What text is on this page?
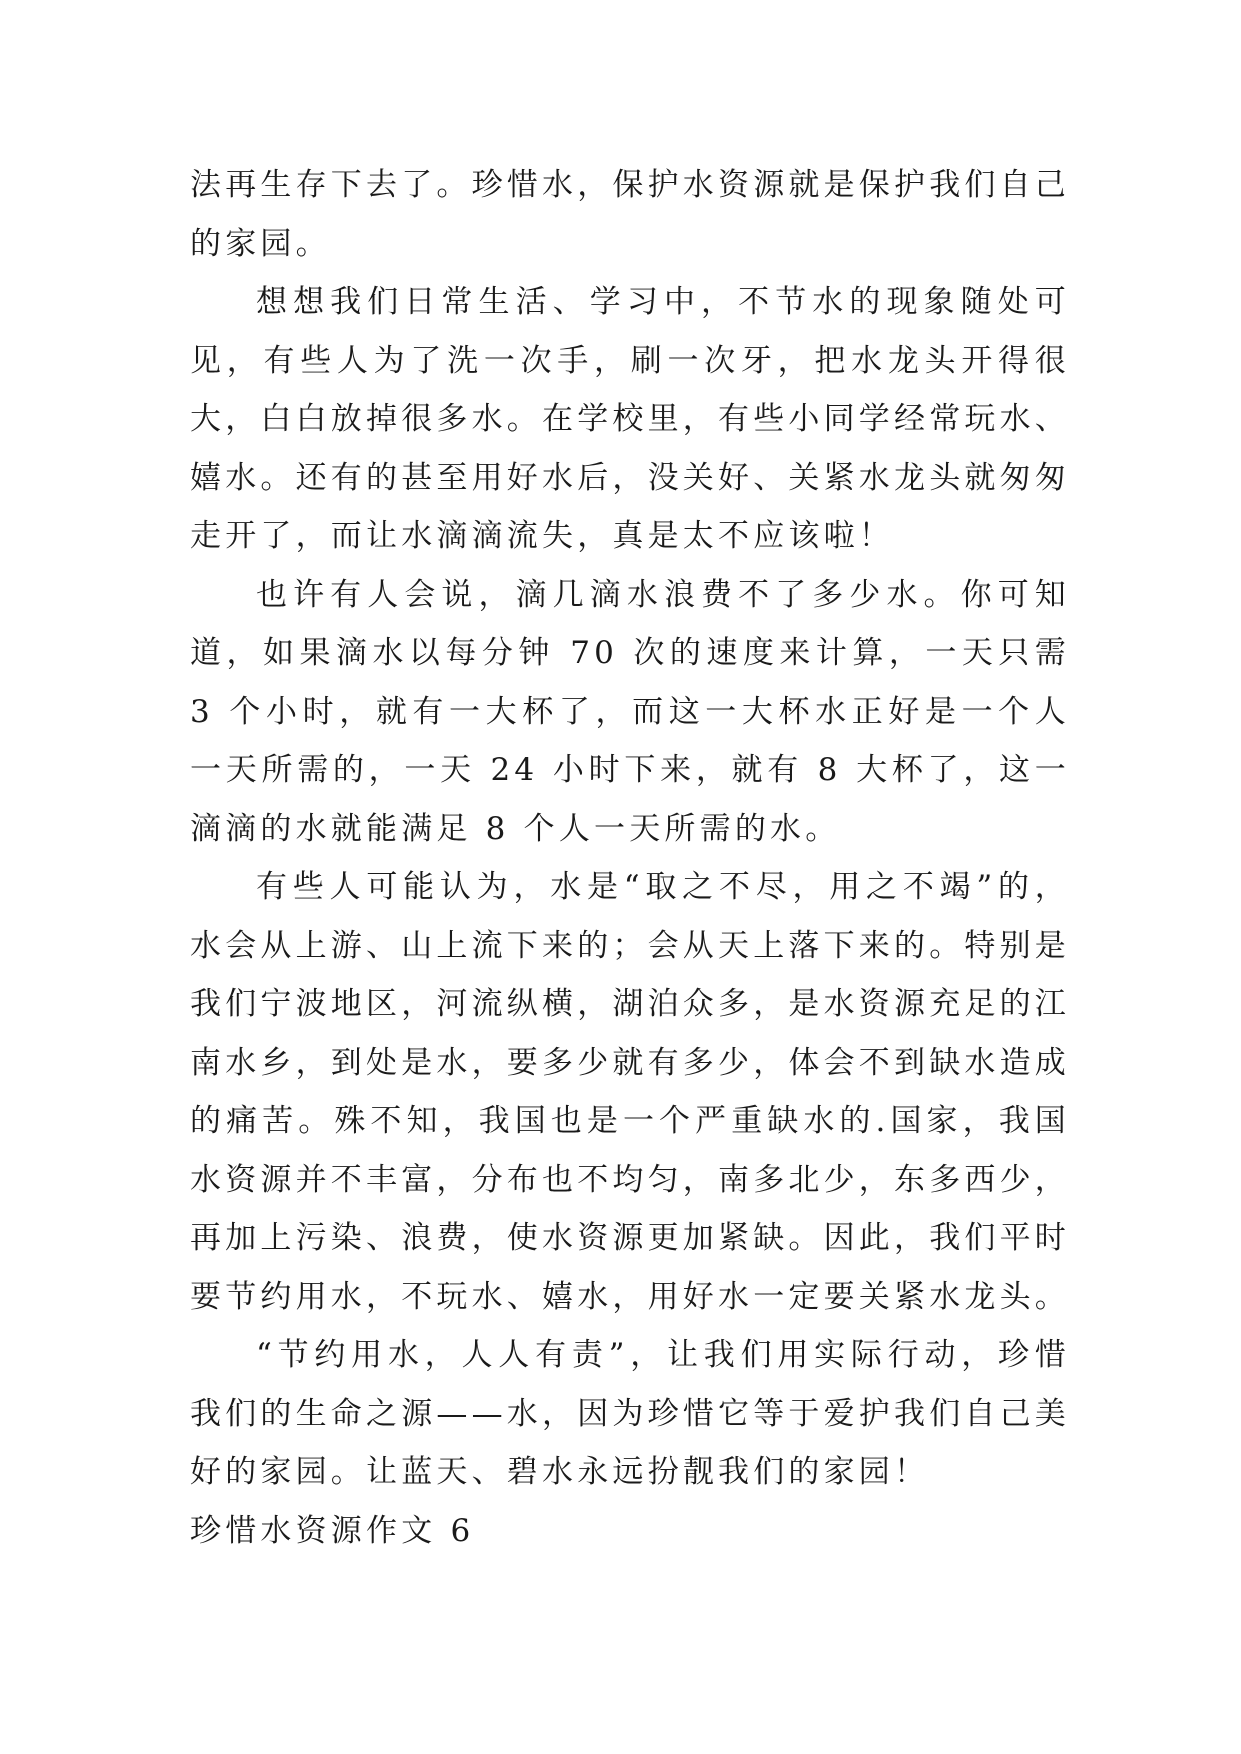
法再生存下去了。珍惜水，保护水资源就是保护我们自己的家园。

想想我们日常生活、学习中，不节水的现象随处可见，有些人为了洗一次手，刷一次牙，把水龙头开得很大，白白放掉很多水。在学校里，有些小同学经常玩水、嬉水。还有的甚至用好水后，没关好、关紧水龙头就匆匆走开了，而让水滴滴流失，真是太不应该啦！

也许有人会说，滴几滴水浪费不了多少水。你可知道，如果滴水以每分钟 70 次的速度来计算，一天只需 3 个小时，就有一大杯了，而这一大杯水正好是一个人一天所需的，一天 24 小时下来，就有 8 大杯了，这一滴滴的水就能满足 8 个人一天所需的水。

有些人可能认为，水是“取之不尽，用之不竭”的，水会从上游、山上流下来的；会从天上落下来的。特别是我们宁波地区，河流纵横，湖泊众多，是水资源充足的江南水乡，到处是水，要多少就有多少，体会不到缺水造成的痛苦。殊不知，我国也是一个严重缺水的.国家，我国水资源并不丰富，分布也不均匀，南多北少，东多西少，再加上污染、浪费，使水资源更加紧缺。因此，我们平时要节约用水，不玩水、嬉水，用好水一定要关紧水龙头。

“节约用水，人人有责”，让我们用实际行动，珍惜我们的生命之源——水，因为珍惜它等于爱护我们自己美好的家园。让蓝天、碧水永远扮靓我们的家园！

珍惜水资源作文 6
